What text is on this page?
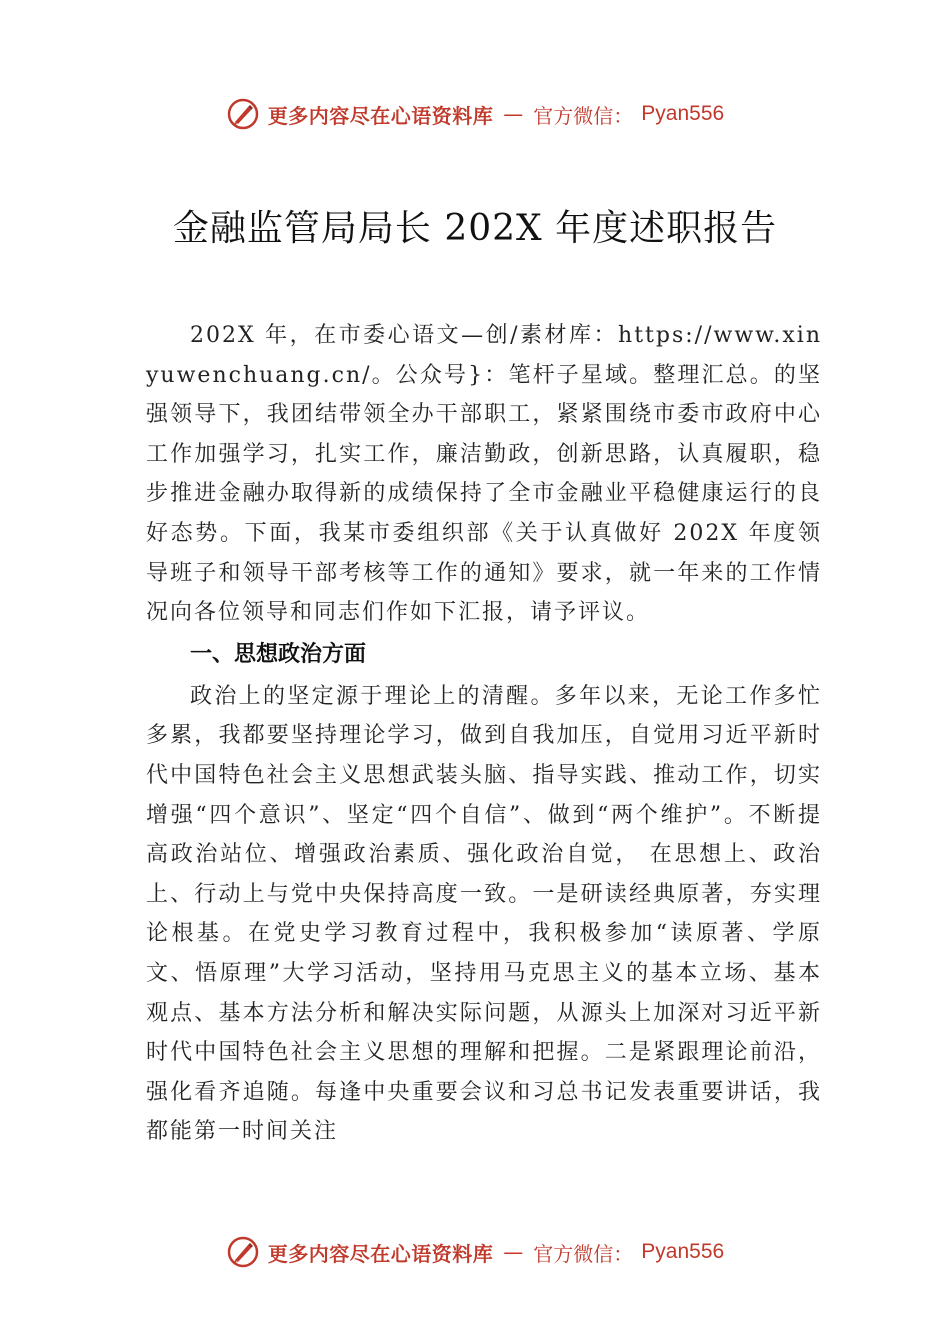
更多内容尽在心语资料库 — 官方微信： Pyan556
金融监管局局长 202X 年度述职报告

202X 年，在市委心语文—创/素材库：https://www.xinyuwenchuang.cn/。公众号}：笔杆子星域。整理汇总。的坚强领导下，我团结带领全办干部职工，紧紧围绕市委市政府中心工作加强学习，扎实工作，廉洁勤政，创新思路，认真履职，稳步推进金融办取得新的成绩保持了全市金融业平稳健康运行的良好态势。下面，我某市委组织部《关于认真做好 202X 年度领导班子和领导干部考核等工作的通知》要求，就一年来的工作情况向各位领导和同志们作如下汇报，请予评议。

一、思想政治方面

政治上的坚定源于理论上的清醒。多年以来，无论工作多忙多累，我都要坚持理论学习，做到自我加压，自觉用习近平新时代中国特色社会主义思想武装头脑、指导实践、推动工作，切实增强“四个意识”、坚定“四个自信”、做到“两个维护”。不断提高政治站位、增强政治素质、强化政治自觉， 在思想上、政治上、行动上与党中央保持高度一致。一是研读经典原著，夯实理论根基。在党史学习教育过程中，我积极参加“读原著、学原文、悟原理”大学习活动，坚持用马克思主义的基本立场、基本观点、基本方法分析和解决实际问题，从源头上加深对习近平新时代中国特色社会主义思想的理解和把握。二是紧跟理论前沿，强化看齐追随。每逢中央重要会议和习总书记发表重要讲话，我都能第一时间关注

更多内容尽在心语资料库 — 官方微信： Pyan556
